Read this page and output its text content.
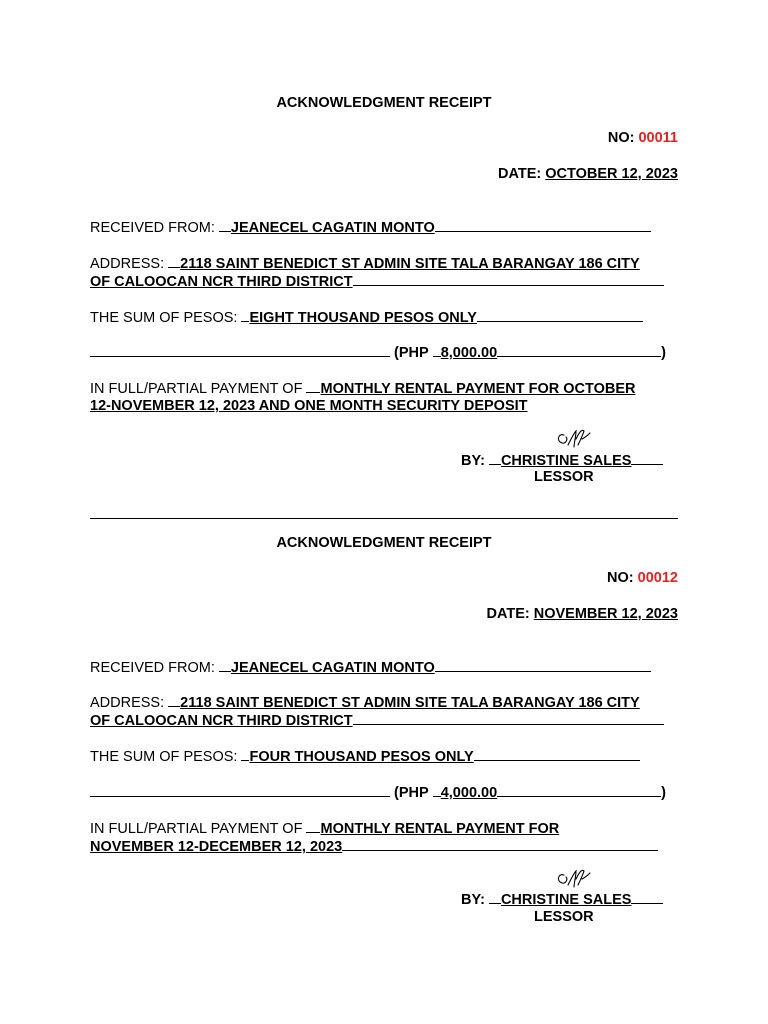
ACKNOWLEDGMENT RECEIPT
NO: 00011
DATE: OCTOBER 12, 2023
RECEIVED FROM: JEANECEL CAGATIN MONTO
ADDRESS: 2118 SAINT BENEDICT ST ADMIN SITE TALA BARANGAY 186 CITY
OF CALOOCAN NCR THIRD DISTRICT
THE SUM OF PESOS: EIGHT THOUSAND PESOS ONLY
(PHP 8,000.00	)
IN FULL/PARTIAL PAYMENT OF MONTHLY RENTAL PAYMENT FOR OCTOBER
12-NOVEMBER 12, 2023 AND ONE MONTH SECURITY DEPOSIT
BY: CHRISTINE SALES
LESSOR
ACKNOWLEDGMENT RECEIPT
NO: 00012
DATE: NOVEMBER 12, 2023
RECEIVED FROM: JEANECEL CAGATIN MONTO
ADDRESS: 2118 SAINT BENEDICT ST ADMIN SITE TALA BARANGAY 186 CITY
OF CALOOCAN NCR THIRD DISTRICT
THE SUM OF PESOS: FOUR THOUSAND PESOS ONLY
(PHP 4,000.00	)
IN FULL/PARTIAL PAYMENT OF MONTHLY RENTAL PAYMENT FOR
NOVEMBER 12-DECEMBER 12, 2023
BY: CHRISTINE SALES
LESSOR
